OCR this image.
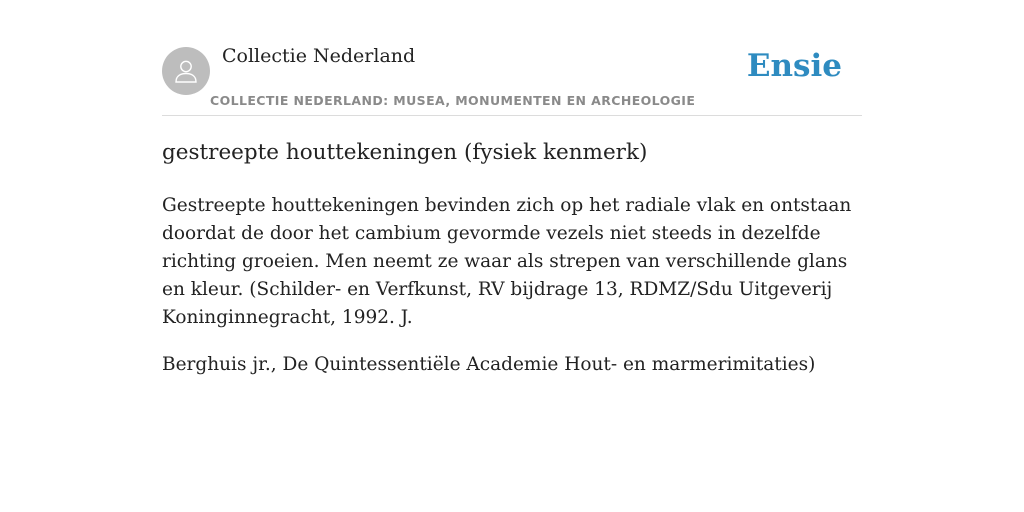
Collectie Nederland
COLLECTIE NEDERLAND: MUSEA, MONUMENTEN EN ARCHEOLOGIE
Ensie
gestreepte houttekeningen (fysiek kenmerk)

Gestreepte houttekeningen bevinden zich op het radiale vlak en ontstaan doordat de door het cambium gevormde vezels niet steeds in dezelfde richting groeien. Men neemt ze waar als strepen van verschillende glans en kleur. (Schilder- en Verfkunst, RV bijdrage 13, RDMZ/Sdu Uitgeverij Koninginnegracht, 1992. J.

Berghuis jr., De Quintessentiële Academie Hout- en marmerimitaties)
